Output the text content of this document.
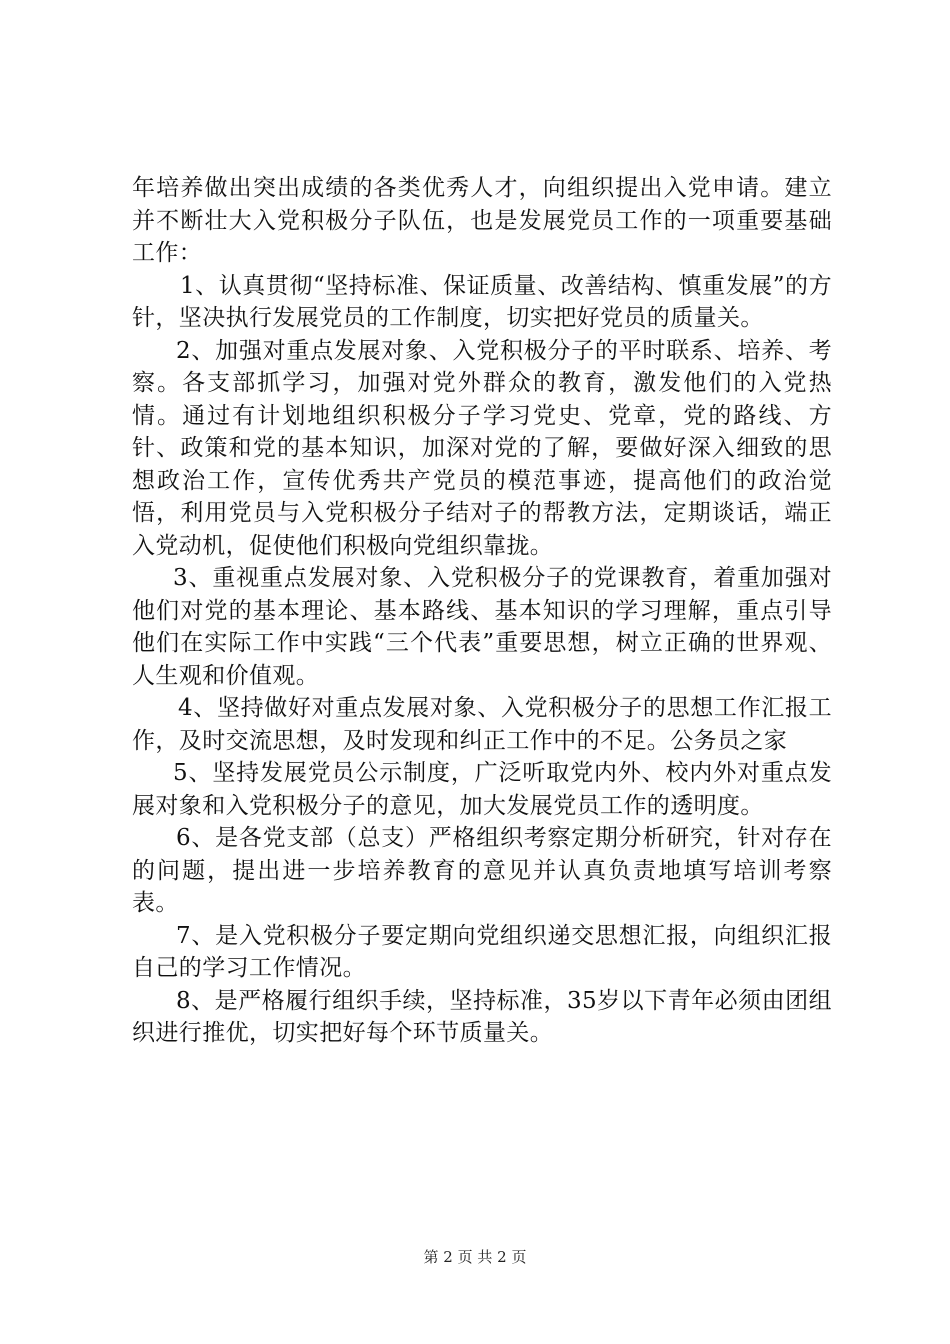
年培养做出突出成绩的各类优秀人才，向组织提出入党申请。建立并不断壮大入党积极分子队伍，也是发展党员工作的一项重要基础工作：

1、认真贯彻“坚持标准、保证质量、改善结构、慎重发展”的方针，坚决执行发展党员的工作制度，切实把好党员的质量关。

2、加强对重点发展对象、入党积极分子的平时联系、培养、考察。各支部抓学习，加强对党外群众的教育，激发他们的入党热情。通过有计划地组织积极分子学习党史、党章，党的路线、方针、政策和党的基本知识，加深对党的了解，要做好深入细致的思想政治工作，宣传优秀共产党员的模范事迹，提高他们的政治觉悟，利用党员与入党积极分子结对子的帮教方法，定期谈话，端正入党动机，促使他们积极向党组织靠拢。

3、重视重点发展对象、入党积极分子的党课教育，着重加强对他们对党的基本理论、基本路线、基本知识的学习理解，重点引导他们在实际工作中实践“三个代表”重要思想，树立正确的世界观、人生观和价值观。

4、坚持做好对重点发展对象、入党积极分子的思想工作汇报工作，及时交流思想，及时发现和纠正工作中的不足。公务员之家

5、坚持发展党员公示制度，广泛听取党内外、校内外对重点发展对象和入党积极分子的意见，加大发展党员工作的透明度。

6、是各党支部（总支）严格组织考察定期分析研究，针对存在的问题，提出进一步培养教育的意见并认真负责地填写培训考察表。

7、是入党积极分子要定期向党组织递交思想汇报，向组织汇报自己的学习工作情况。

8、是严格履行组织手续，坚持标准，35岁以下青年必须由团组织进行推优，切实把好每个环节质量关。

第 2 页 共 2 页
